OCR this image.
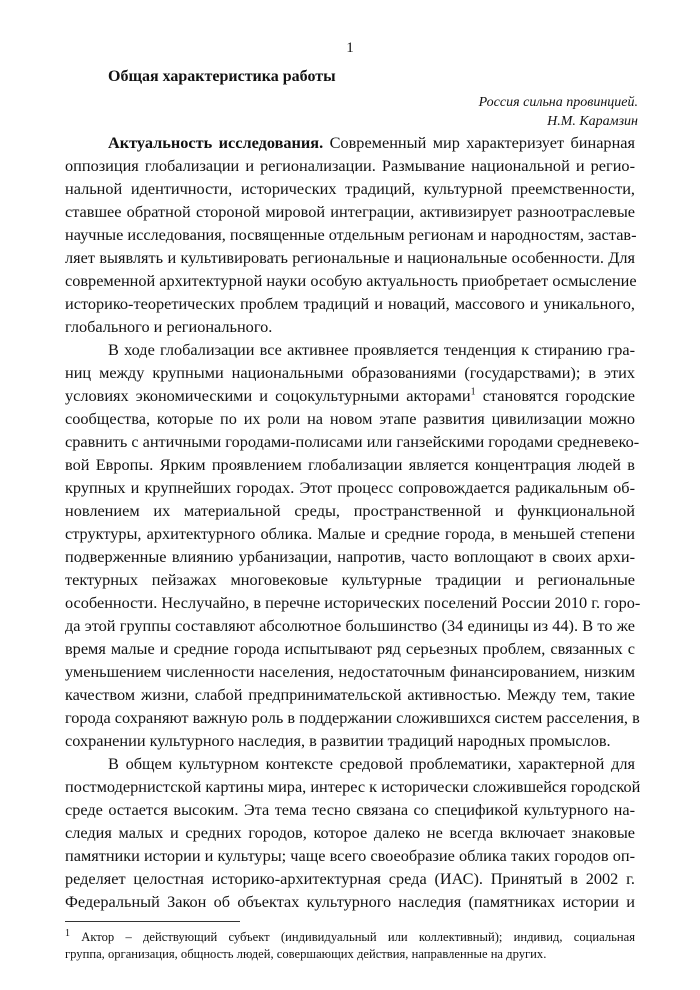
1
Общая характеристика работы
Россия сильна провинцией.
Н.М. Карамзин
Актуальность исследования. Современный мир характеризует бинарная
оппозиция глобализации и регионализации. Размывание национальной и регио-
нальной идентичности, исторических традиций, культурной преемственности,
ставшее обратной стороной мировой интеграции, активизирует разноотраслевые
научные исследования, посвященные отдельным регионам и народностям, застав-
ляет выявлять и культивировать региональные и национальные особенности. Для
современной архитектурной науки особую актуальность приобретает осмысление
историко-теоретических проблем традиций и новаций, массового и уникального,
глобального и регионального.
В ходе глобализации все активнее проявляется тенденция к стиранию гра-
ниц между крупными национальными образованиями (государствами); в этих
условиях экономическими и соцокультурными акторами$^1$ становятся городские
сообщества, которые по их роли на новом этапе развития цивилизации можно
сравнить с античными городами-полисами или ганзейскими городами средневеко-
вой Европы. Ярким проявлением глобализации является концентрация людей в
крупных и крупнейших городах. Этот процесс сопровождается радикальным об-
новлением их материальной среды, пространственной и функциональной
структуры, архитектурного облика. Малые и средние города, в меньшей степени
подверженные влиянию урбанизации, напротив, часто воплощают в своих архи-
тектурных пейзажах многовековые культурные традиции и региональные
особенности. Неслучайно, в перечне исторических поселений России 2010 г. горо-
да этой группы составляют абсолютное большинство (34 единицы из 44). В то же
время малые и средние города испытывают ряд серьезных проблем, связанных с
уменьшением численности населения, недостаточным финансированием, низким
качеством жизни, слабой предпринимательской активностью. Между тем, такие
города сохраняют важную роль в поддержании сложившихся систем расселения, в
сохранении культурного наследия, в развитии традиций народных промыслов.
В общем культурном контексте средовой проблематики, характерной для
постмодернистской картины мира, интерес к исторически сложившейся городской
среде остается высоким. Эта тема тесно связана со спецификой культурного на-
следия малых и средних городов, которое далеко не всегда включает знаковые
памятники истории и культуры; чаще всего своеобразие облика таких городов оп-
ределяет целостная историко-архитектурная среда (ИАС). Принятый в 2002 г.
Федеральный Закон об объектах культурного наследия (памятниках истории и
$^1$ Актор – действующий субъект (индивидуальный или коллективный); индивид, социальная
группа, организация, общность людей, совершающих действия, направленные на других.
